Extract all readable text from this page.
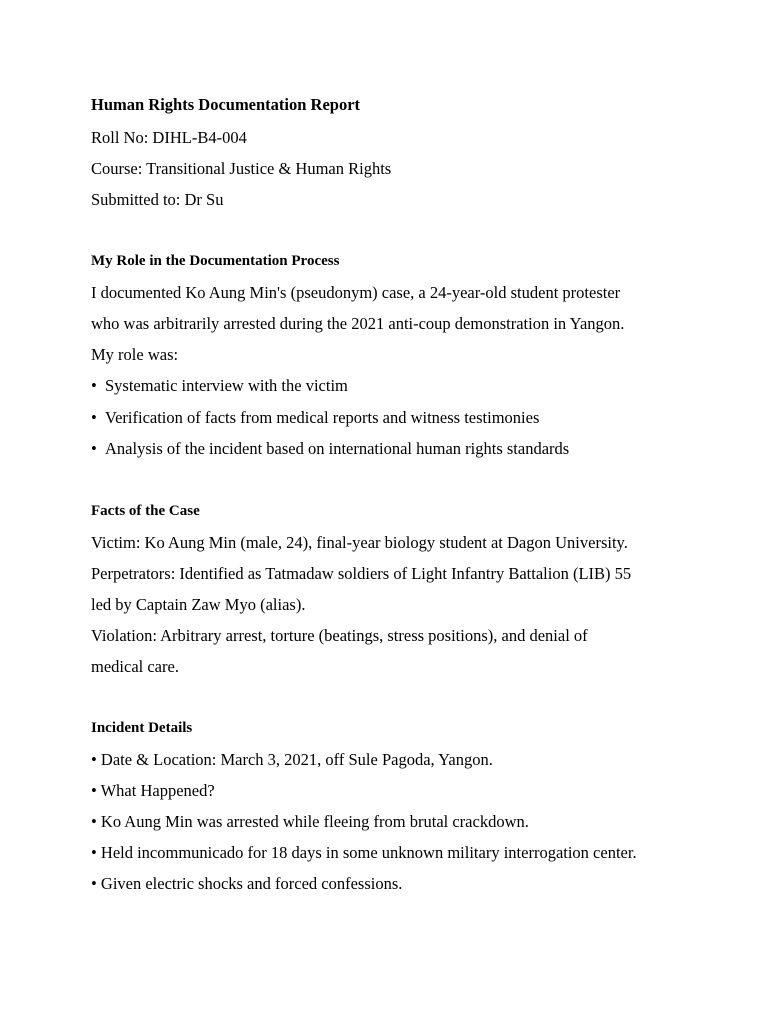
Human Rights Documentation Report
Roll No: DIHL-B4-004
Course: Transitional Justice & Human Rights
Submitted to: Dr Su
My Role in the Documentation Process
I documented Ko Aung Min's (pseudonym) case, a 24-year-old student protester
who was arbitrarily arrested during the 2021 anti-coup demonstration in Yangon.
My role was:
• Systematic interview with the victim
• Verification of facts from medical reports and witness testimonies
• Analysis of the incident based on international human rights standards
Facts of the Case
Victim: Ko Aung Min (male, 24), final-year biology student at Dagon University.
Perpetrators: Identified as Tatmadaw soldiers of Light Infantry Battalion (LIB) 55
led by Captain Zaw Myo (alias).
Violation: Arbitrary arrest, torture (beatings, stress positions), and denial of
medical care.
Incident Details
• Date & Location: March 3, 2021, off Sule Pagoda, Yangon.
• What Happened?
• Ko Aung Min was arrested while fleeing from brutal crackdown.
• Held incommunicado for 18 days in some unknown military interrogation center.
• Given electric shocks and forced confessions.
